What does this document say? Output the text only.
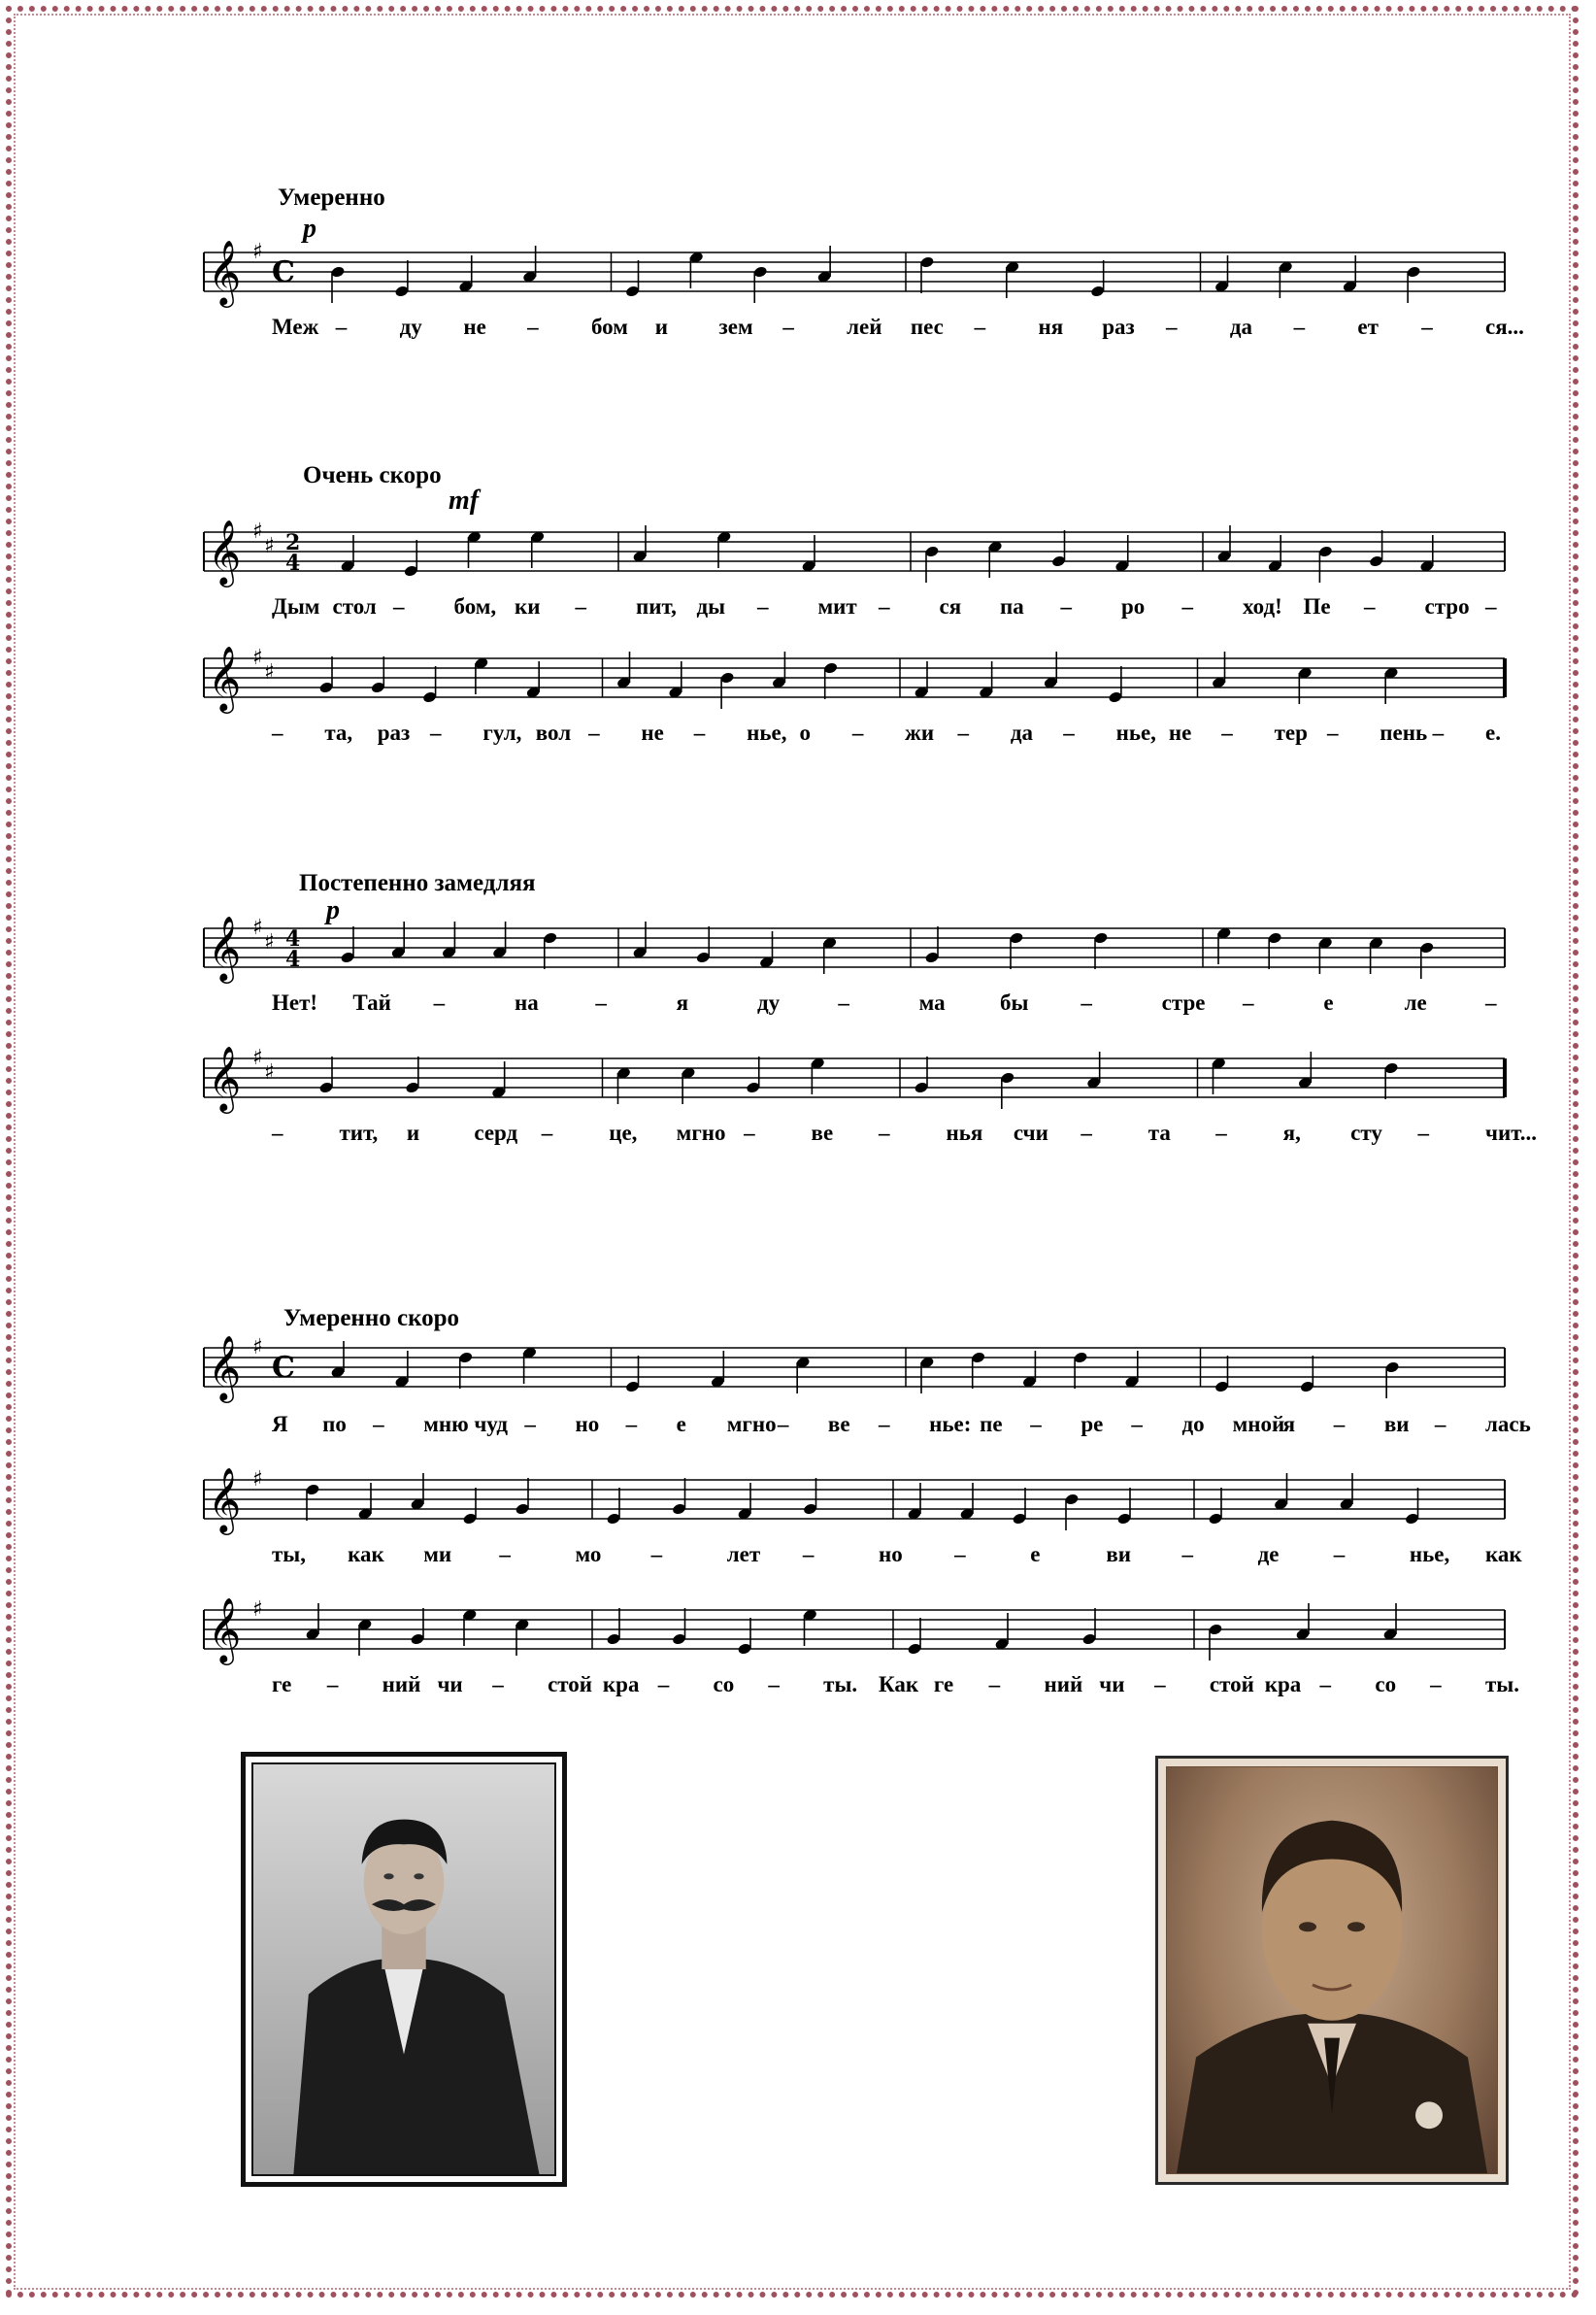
Умеренно
p
𝄞 ♯
C
Меж – ду не – бом и зем – лей пес – ня раз – да – ет – ся...
Очень скоро
mf
𝄞 ♯
♯ 2
4
Дым стол – бом, ки – пит, ды – мит – ся па – ро – ход! Пе – стро –
𝄞 ♯
♯
– та, раз – гул, вол – не – нье, о – жи – да – нье, не – тер – пень – е.
Постепенно замедляя
p
𝄞 ♯
♯ 4
4
Нет! Тай –	на	–	я	ду	–	ма бы –	стре –	е	ле	–
𝄞 ♯
♯
–	тит, и серд –	це, мгно –	ве –	нья счи –	та –	я, сту –	чит...
Умеренно скоро
𝄞 ♯
C
Я по – мню чуд – но – е мгно – ве – нье: пе – ре – до мной
я – ви – лась
𝄞 ♯
ты, как ми –	мо –	лет –	но –	е	ви –	де –	нье, как
𝄞 ♯
ге – ний чи – стой кра – со – ты. Как ге – ний чи – стой кра – со – ты.
